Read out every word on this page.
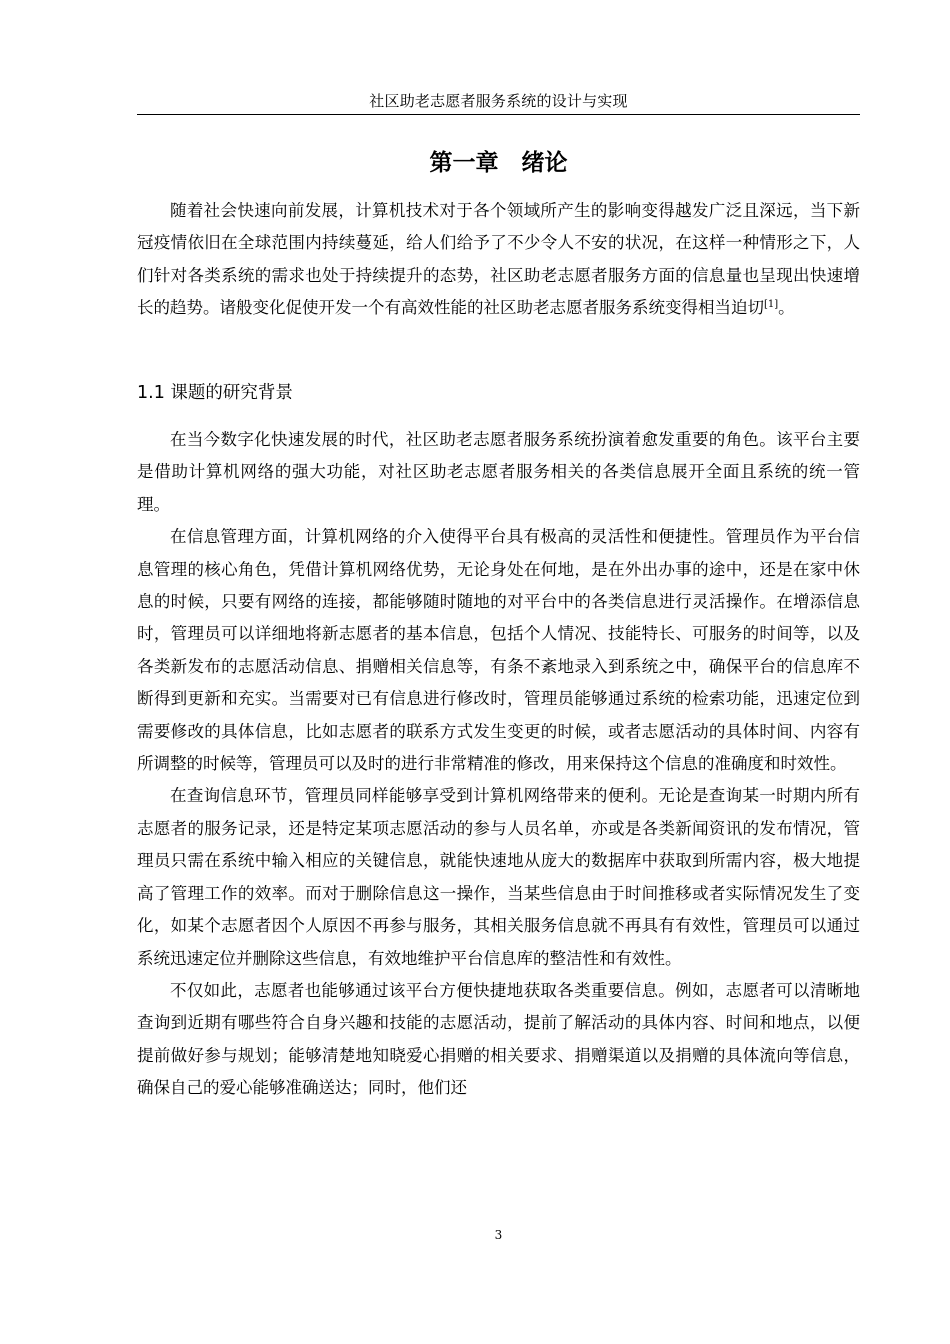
社区助老志愿者服务系统的设计与实现
第一章　绪论

随着社会快速向前发展，计算机技术对于各个领域所产生的影响变得越发广泛且深远，当下新冠疫情依旧在全球范围内持续蔓延，给人们给予了不少令人不安的状况，在这样一种情形之下，人们针对各类系统的需求也处于持续提升的态势，社区助老志愿者服务方面的信息量也呈现出快速增长的趋势。诸般变化促使开发一个有高效性能的社区助老志愿者服务系统变得相当迫切[1]。

1.1 课题的研究背景

在当今数字化快速发展的时代，社区助老志愿者服务系统扮演着愈发重要的角色。该平台主要是借助计算机网络的强大功能，对社区助老志愿者服务相关的各类信息展开全面且系统的统一管理。

在信息管理方面，计算机网络的介入使得平台具有极高的灵活性和便捷性。管理员作为平台信息管理的核心角色，凭借计算机网络优势，无论身处在何地，是在外出办事的途中，还是在家中休息的时候，只要有网络的连接，都能够随时随地的对平台中的各类信息进行灵活操作。在增添信息时，管理员可以详细地将新志愿者的基本信息，包括个人情况、技能特长、可服务的时间等，以及各类新发布的志愿活动信息、捐赠相关信息等，有条不紊地录入到系统之中，确保平台的信息库不断得到更新和充实。当需要对已有信息进行修改时，管理员能够通过系统的检索功能，迅速定位到需要修改的具体信息，比如志愿者的联系方式发生变更的时候，或者志愿活动的具体时间、内容有所调整的时候等，管理员可以及时的进行非常精准的修改，用来保持这个信息的准确度和时效性。

在查询信息环节，管理员同样能够享受到计算机网络带来的便利。无论是查询某一时期内所有志愿者的服务记录，还是特定某项志愿活动的参与人员名单，亦或是各类新闻资讯的发布情况，管理员只需在系统中输入相应的关键信息，就能快速地从庞大的数据库中获取到所需内容，极大地提高了管理工作的效率。而对于删除信息这一操作，当某些信息由于时间推移或者实际情况发生了变化，如某个志愿者因个人原因不再参与服务，其相关服务信息就不再具有有效性，管理员可以通过系统迅速定位并删除这些信息，有效地维护平台信息库的整洁性和有效性。

不仅如此，志愿者也能够通过该平台方便快捷地获取各类重要信息。例如，志愿者可以清晰地查询到近期有哪些符合自身兴趣和技能的志愿活动，提前了解活动的具体内容、时间和地点，以便提前做好参与规划；能够清楚地知晓爱心捐赠的相关要求、捐赠渠道以及捐赠的具体流向等信息，确保自己的爱心能够准确送达；同时，他们还

3
